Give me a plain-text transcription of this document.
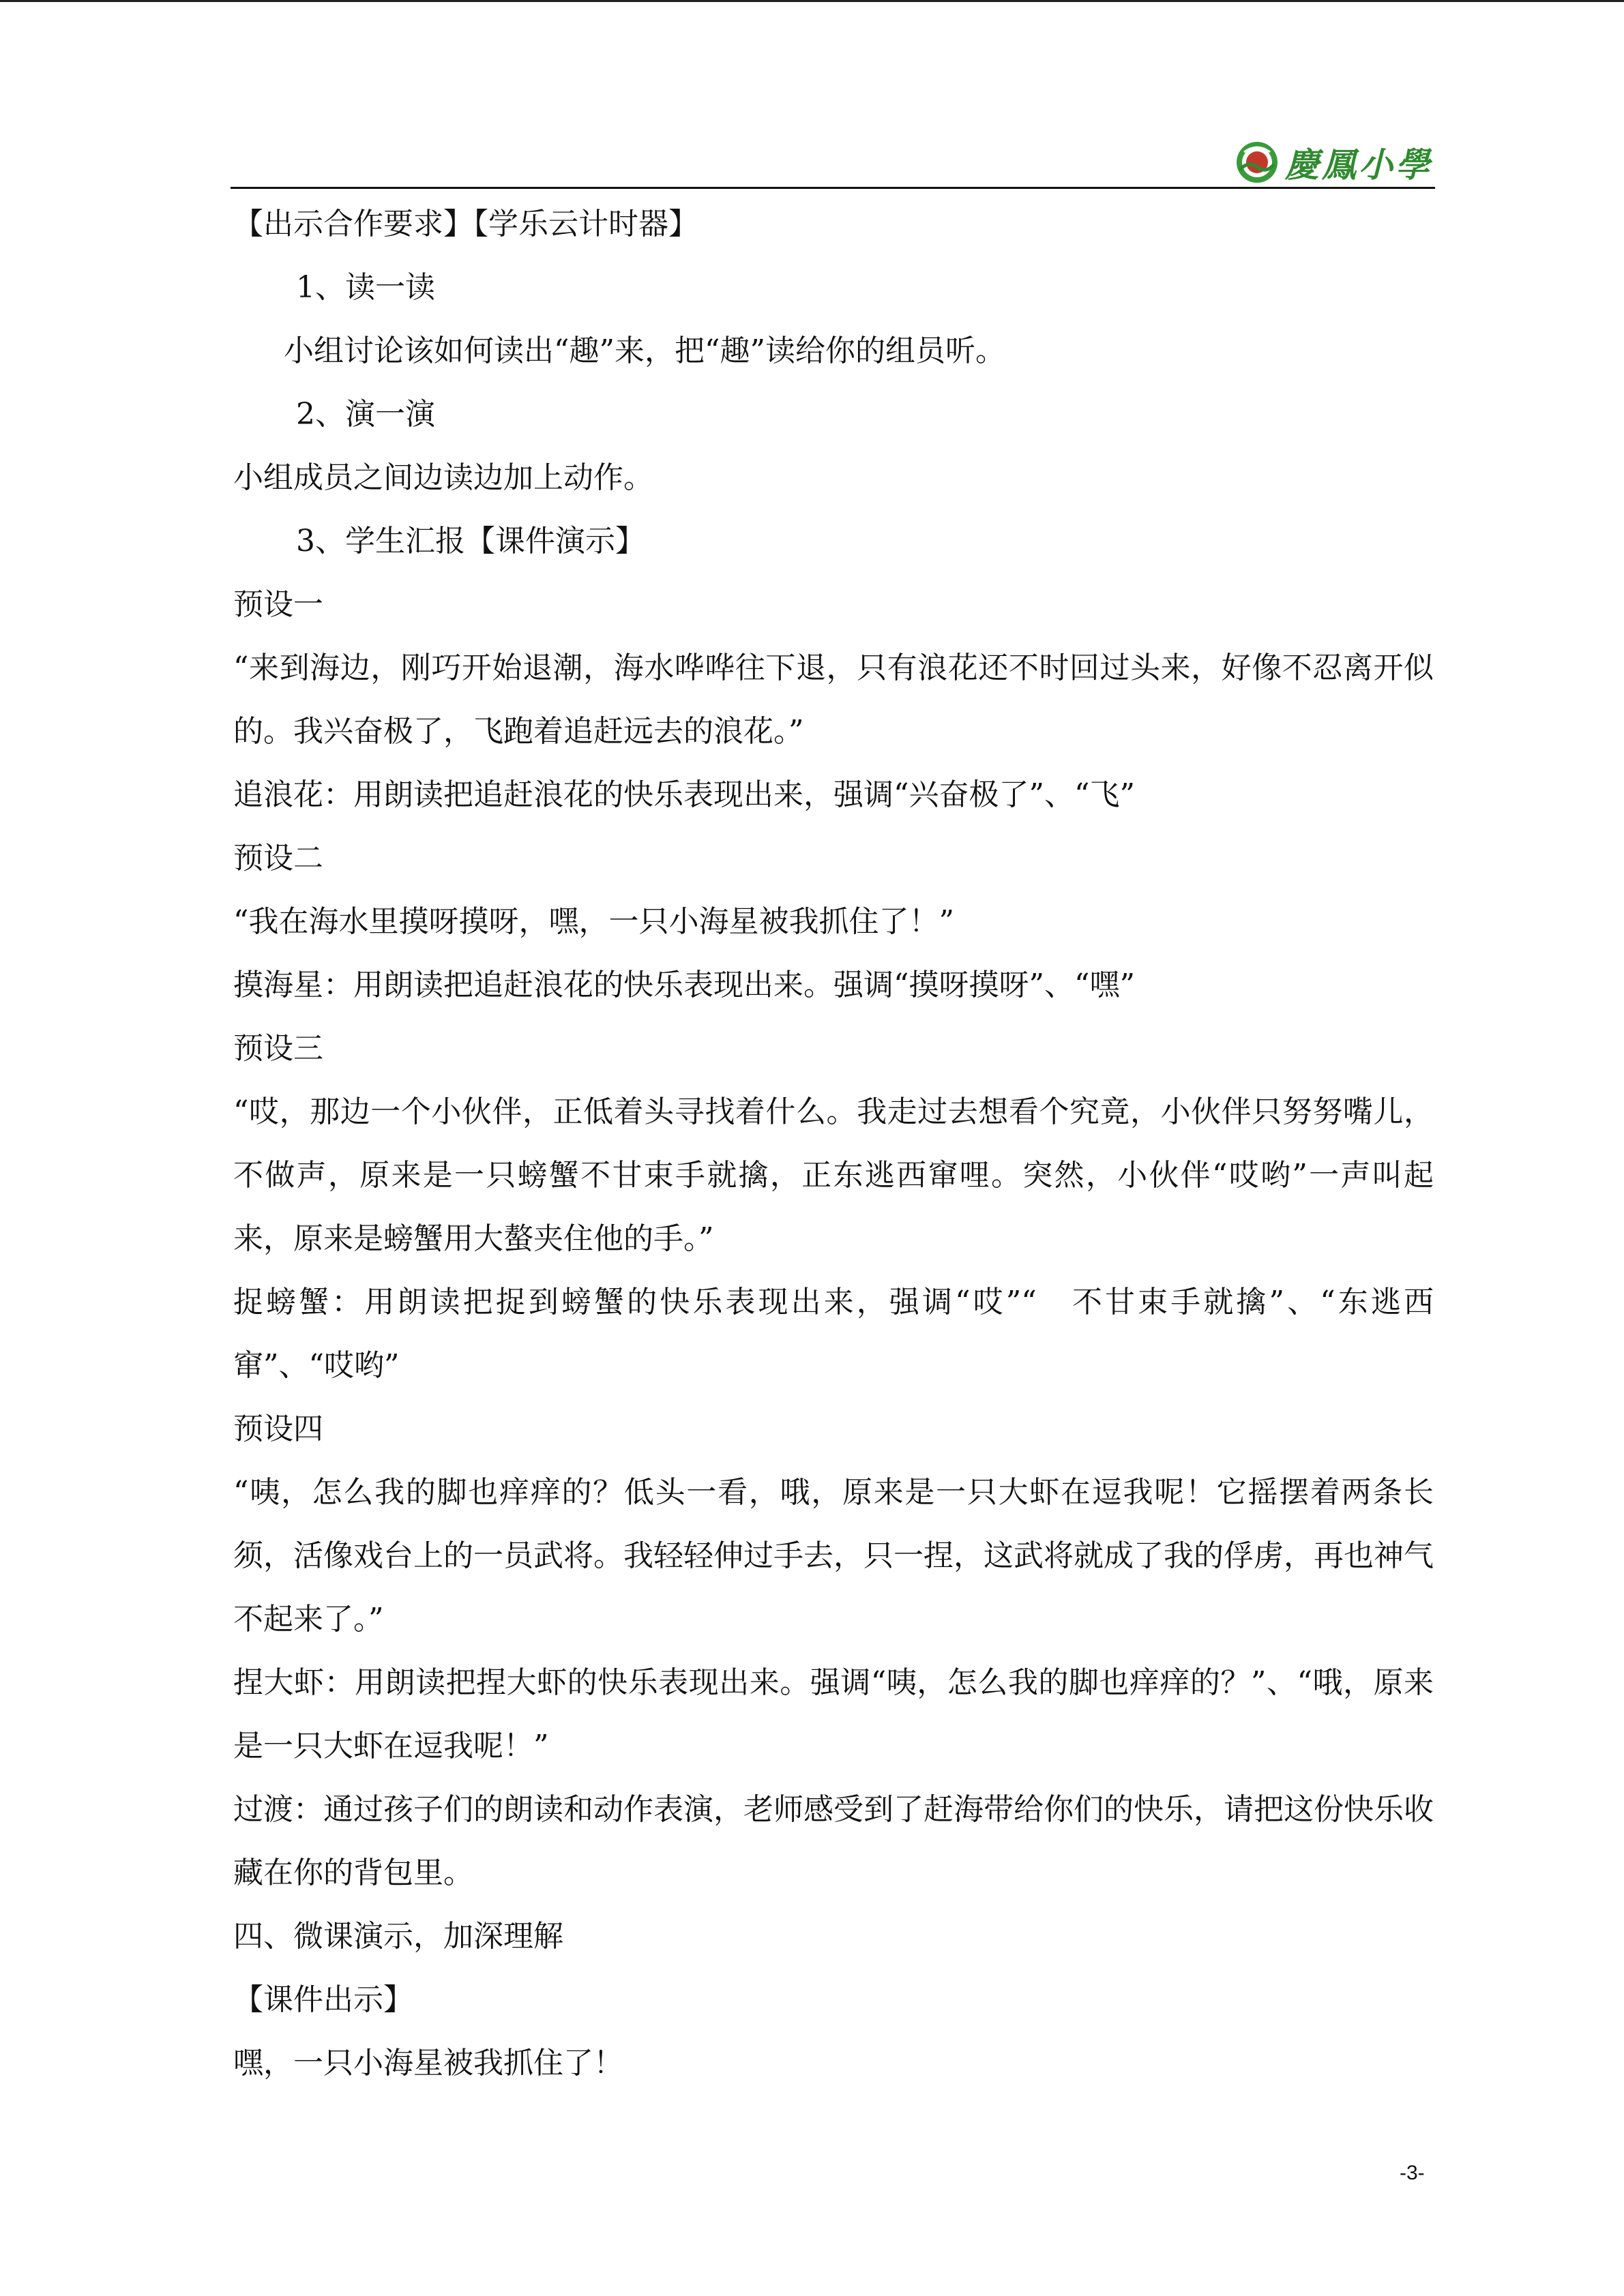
慶鳳小學

【出示合作要求】【学乐云计时器】

1、读一读

小组讨论该如何读出“趣”来，把“趣”读给你的组员听。

2、演一演

小组成员之间边读边加上动作。

3、学生汇报【课件演示】

预设一

“来到海边，刚巧开始退潮，海水哗哗往下退，只有浪花还不时回过头来，好像不忍离开似的。我兴奋极了，飞跑着追赶远去的浪花。”

追浪花：用朗读把追赶浪花的快乐表现出来，强调“兴奋极了”、“飞”

预设二

“我在海水里摸呀摸呀，嘿，一只小海星被我抓住了！”

摸海星：用朗读把追赶浪花的快乐表现出来。强调“摸呀摸呀”、“嘿”

预设三

“哎，那边一个小伙伴，正低着头寻找着什么。我走过去想看个究竟，小伙伴只努努嘴儿，不做声，原来是一只螃蟹不甘束手就擒，正东逃西窜哩。突然，小伙伴“哎哟”一声叫起来，原来是螃蟹用大螯夹住他的手。”

捉螃蟹：用朗读把捉到螃蟹的快乐表现出来，强调“哎”“　不甘束手就擒”、“东逃西窜”、“哎哟”

预设四

“咦，怎么我的脚也痒痒的？低头一看，哦，原来是一只大虾在逗我呢！它摇摆着两条长须，活像戏台上的一员武将。我轻轻伸过手去，只一捏，这武将就成了我的俘虏，再也神气不起来了。”

捏大虾：用朗读把捏大虾的快乐表现出来。强调“咦，怎么我的脚也痒痒的？”、“哦，原来是一只大虾在逗我呢！”

过渡：通过孩子们的朗读和动作表演，老师感受到了赶海带给你们的快乐，请把这份快乐收藏在你的背包里。

四、微课演示，加深理解

【课件出示】

嘿，一只小海星被我抓住了！

-3-
